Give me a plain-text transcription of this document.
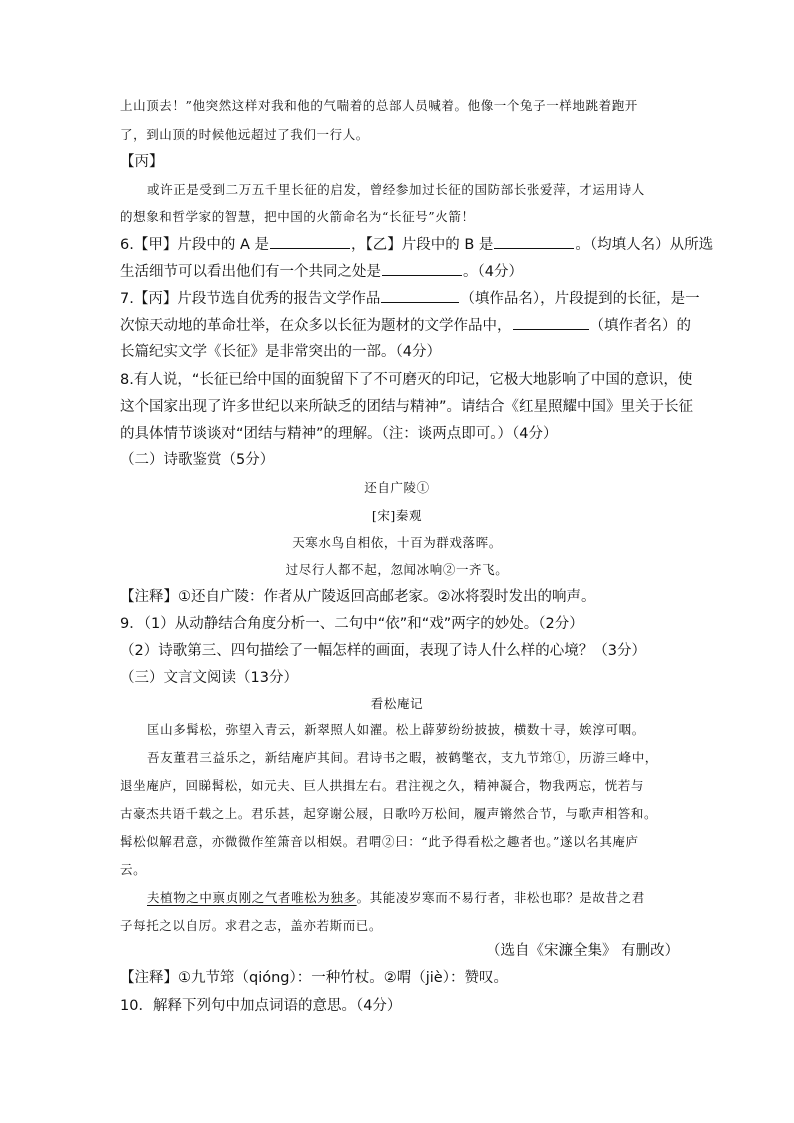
上山顶去！”他突然这样对我和他的气喘着的总部人员喊着。他像一个兔子一样地跳着跑开
了，到山顶的时候他远超过了我们一行人。
【丙】
或许正是受到二万五千里长征的启发，曾经参加过长征的国防部长张爱萍，才运用诗人
的想象和哲学家的智慧，把中国的火箭命名为“长征号”火箭！
6.【甲】片段中的 A 是	，【乙】片段中的 B 是	。（均填人名）从所选
生活细节可以看出他们有一个共同之处是	。（4分）
7.【丙】片段节选自优秀的报告文学作品	（填作品名），片段提到的长征，是一
次惊天动地的革命壮举，在众多以长征为题材的文学作品中，	（填作者名）的
长篇纪实文学《长征》是非常突出的一部。（4分）
8.有人说，“长征已给中国的面貌留下了不可磨灭的印记，它极大地影响了中国的意识，使
这个国家出现了许多世纪以来所缺乏的团结与精神”。请结合《红星照耀中国》里关于长征
的具体情节谈谈对“团结与精神”的理解。（注：谈两点即可。）（4分）
（二）诗歌鉴赏（5分）
还自广陵①
[宋]秦观
天寒水鸟自相依，十百为群戏落晖。
过尽行人都不起，忽闻冰响②一齐飞。
【注释】①还自广陵：作者从广陵返回高邮老家。②冰将裂时发出的响声。
9．（1）从动静结合角度分析一、二句中“依”和“戏”两字的妙处。（2分）
（2）诗歌第三、四句描绘了一幅怎样的画面，表现了诗人什么样的心境？（3分）
（三）文言文阅读（13分）
看松庵记
匡山多髯松，弥望入青云，新翠照人如濯。松上薜萝纷纷披披，横数十寻，娭淳可咽。
吾友董君三益乐之，新结庵庐其间。君诗书之暇，被鹤氅衣，支九节筇①，历游三峰中，
退坐庵庐，回睇髯松，如元夫、巨人拱揖左右。君注视之久，精神凝合，物我两忘，恍若与
古豪杰共语千载之上。君乐甚，起穿谢公屐，日歌吟万松间，履声锵然合节，与歌声相答和。
髯松似解君意，亦微微作笙箫音以相娱。君喟②曰：“此予得看松之趣者也。”遂以名其庵庐
云。
夫植物之中禀贞刚之气者唯松为独多。其能凌岁寒而不易行者，非松也耶？是故昔之君
子每托之以自厉。求君之志，盖亦若斯而已。
（选自《宋濂全集》 有删改）
【注释】①九节筇（qióng）：一种竹杖。②喟（jiè）：赞叹。
10．解释下列句中加点词语的意思。（4分）
